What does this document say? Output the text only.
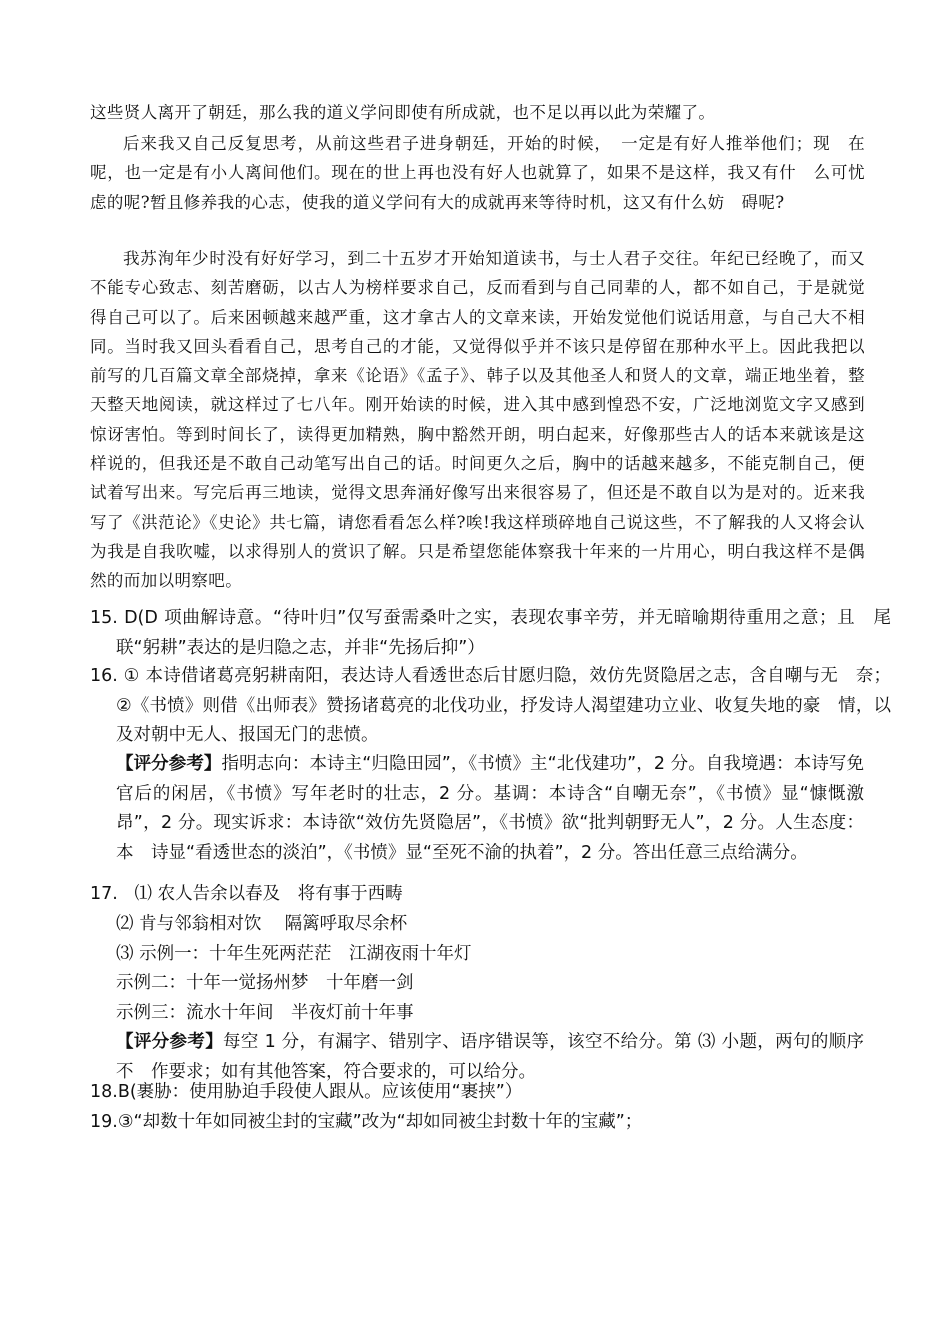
这些贤人离开了朝廷，那么我的道义学问即使有所成就，也不足以再以此为荣耀了。

后来我又自己反复思考，从前这些君子进身朝廷，开始的时候，　一定是有好人推举他们；现　在呢，也一定是有小人离间他们。现在的世上再也没有好人也就算了，如果不是这样，我又有什　么可忧虑的呢?暂且修养我的心志，使我的道义学问有大的成就再来等待时机，这又有什么妨　碍呢?

我苏洵年少时没有好好学习，到二十五岁才开始知道读书，与士人君子交往。年纪已经晚了，而又不能专心致志、刻苦磨砺，以古人为榜样要求自己，反而看到与自己同辈的人，都不如自己，于是就觉得自己可以了。后来困顿越来越严重，这才拿古人的文章来读，开始发觉他们说话用意，与自己大不相同。当时我又回头看看自己，思考自己的才能，又觉得似乎并不该只是停留在那种水平上。因此我把以前写的几百篇文章全部烧掉，拿来《论语》《孟子》、韩子以及其他圣人和贤人的文章，端正地坐着，整天整天地阅读，就这样过了七八年。刚开始读的时候，进入其中感到惶恐不安，广泛地浏览文字又感到惊讶害怕。等到时间长了，读得更加精熟，胸中豁然开朗，明白起来，好像那些古人的话本来就该是这样说的，但我还是不敢自己动笔写出自己的话。时间更久之后，胸中的话越来越多，不能克制自己，便试着写出来。写完后再三地读，觉得文思奔涌好像写出来很容易了，但还是不敢自以为是对的。近来我写了《洪范论》《史论》共七篇，请您看看怎么样?唉!我这样琐碎地自己说这些，不了解我的人又将会认为我是自我吹嘘，以求得别人的赏识了解。只是希望您能体察我十年来的一片用心，明白我这样不是偶然的而加以明察吧。

15. D(D 项曲解诗意。“待叶归”仅写蚕需桑叶之实，表现农事辛劳，并无暗喻期待重用之意；且　尾联“躬耕”表达的是归隐之志，并非“先扬后抑”）
16. ① 本诗借诸葛亮躬耕南阳，表达诗人看透世态后甘愿归隐，效仿先贤隐居之志，含自嘲与无　奈；②《书愤》则借《出师表》赞扬诸葛亮的北伐功业，抒发诗人渴望建功立业、收复失地的豪　情，以及对朝中无人、报国无门的悲愤。
【评分参考】指明志向：本诗主“归隐田园”，《书愤》主“北伐建功”，2 分。自我境遇：本诗写免　官后的闲居，《书愤》写年老时的壮志，2 分。基调：本诗含“自嘲无奈”，《书愤》显“慷慨激　昂”，2 分。现实诉求：本诗欲“效仿先贤隐居”，《书愤》欲“批判朝野无人”，2 分。人生态度：本　诗显“看透世态的淡泊”，《书愤》显“至死不渝的执着”，2 分。答出任意三点给满分。
17. ⑴ 农人告余以春及　将有事于西畴
⑵ 肯与邻翁相对饮　 隔篱呼取尽余杯
⑶ 示例一：十年生死两茫茫　江湖夜雨十年灯
示例二：十年一觉扬州梦　十年磨一剑
示例三：流水十年间　半夜灯前十年事
【评分参考】每空 1 分，有漏字、错别字、语序错误等，该空不给分。第 ⑶ 小题，两句的顺序不　作要求；如有其他答案，符合要求的，可以给分。
18.B(裹胁：使用胁迫手段使人跟从。应该使用“裹挟”）
19.③“却数十年如同被尘封的宝藏”改为“却如同被尘封数十年的宝藏”；
